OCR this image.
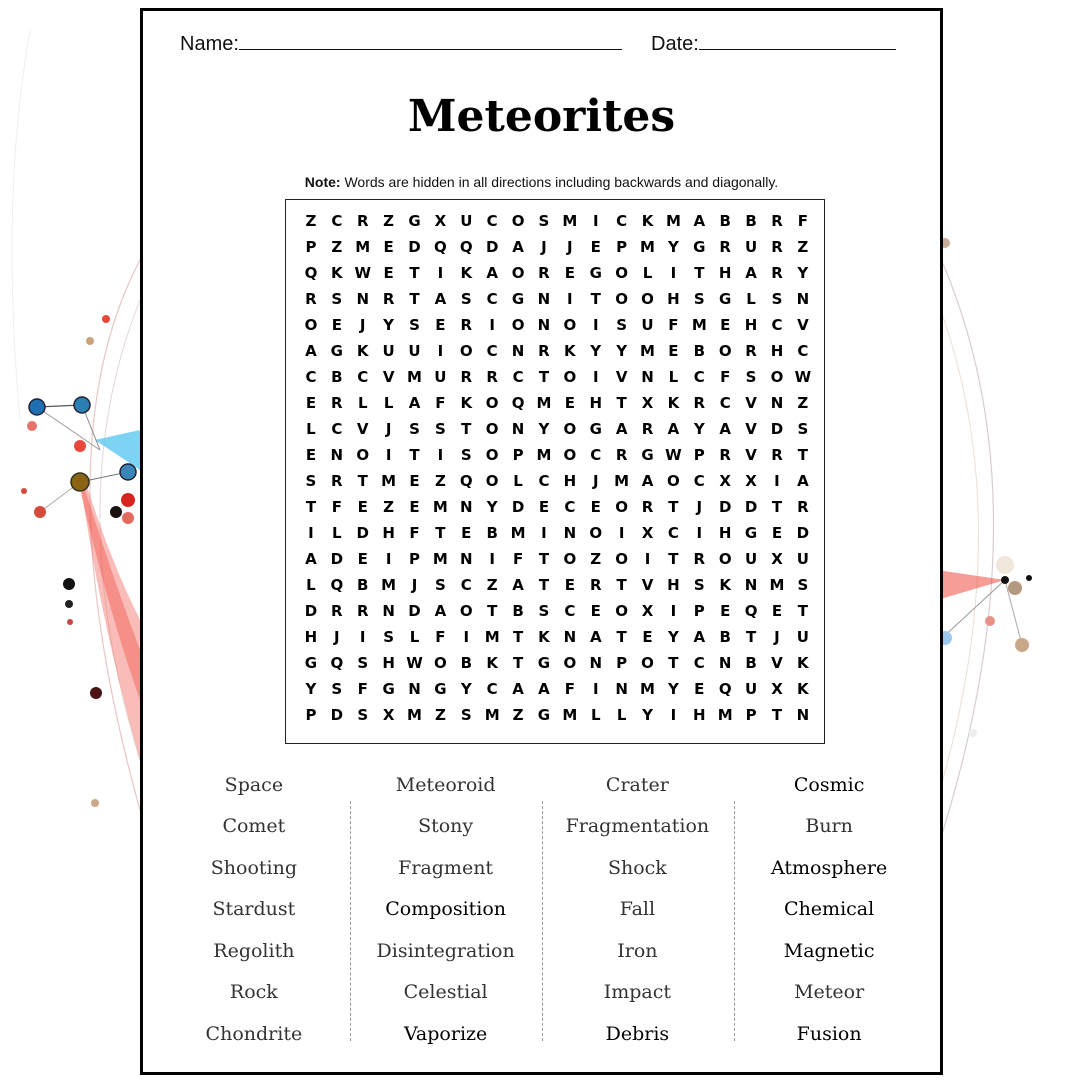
Name:	Date:
Meteorites
Note: Words are hidden in all directions including backwards and diagonally.
Z C R Z G X U C O S M	I	C K M A B B R F
P Z M E D Q Q D A	J	J	E	P M Y G R U R Z
Q K W E	T	I	K A O R E G O L	I	T H A R Y
R S N R	T A S C G N	I	T O O H S G L	S N
O E	J	Y	S	E R	I	O N O	I	S U F M E H C V
A G K U U	I	O C N R K Y	Y M E	B O R H C
C B C V M U R R C	T O	I	V N L	C	F	S O W
E R	L	L	A F K O Q M E H T X K R C V N Z
L	C V	J	S	S	T O N Y O G A R A Y A V D S
E N O	I	T	I	S O P M O C R G W P R V R	T
S R	T M E	Z Q O L	C H	J	M A O C X X	I	A
T	F	E	Z	E M N Y D E	C	E O R	T	J	D D T R
I	L D H F	T	E	B M	I	N O	I	X C	I	H G E D
A D E	I	P M N	I	F	T O Z O	I	T R O U X U
L Q B M	J	S C Z A T	E R	T V H S K N M S
D R R N D A O T	B S C	E O X	I	P	E Q E	T
H	J	I	S	L	F	I	M T K N A T	E	Y A B	T	J	U
G Q S H W O B K T G O N P O T	C N B V K
Y	S	F G N G Y C A A F	I	N M Y	E Q U X K
P D S X M Z	S M Z G M L	L	Y	I	H M P	T N
Space
Comet
Shooting
Stardust
Regolith
Rock
Chondrite
Meteoroid
Stony
Fragment
Composition
Disintegration
Celestial
Vaporize
Crater
Fragmentation
Shock
Fall
Iron
Impact
Debris
Cosmic
Burn
Atmosphere
Chemical
Magnetic
Meteor
Fusion
